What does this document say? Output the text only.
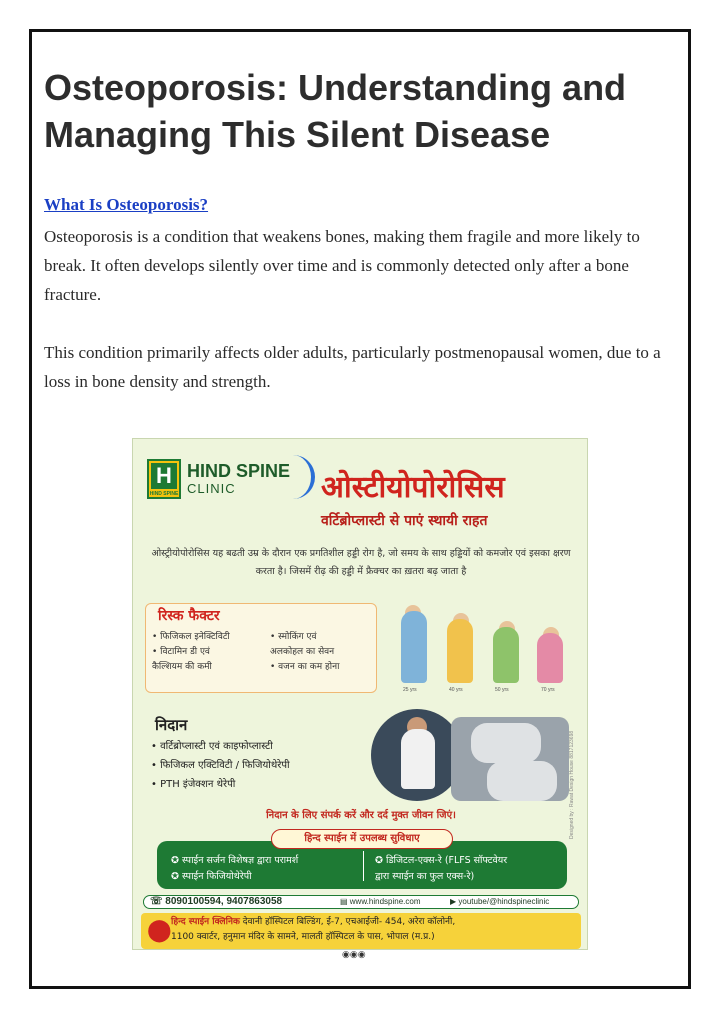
Osteoporosis: Understanding and Managing This Silent Disease
What Is Osteoporosis?

Osteoporosis is a condition that weakens bones, making them fragile and more likely to break. It often develops silently over time and is commonly detected only after a bone fracture.

This condition primarily affects older adults, particularly postmenopausal women, due to a loss in bone density and strength.

H
HIND SPINE
HIND SPINE
CLINIC	ओस्टीयोपोरोसिस
वर्टिब्रोप्लास्टी से पाएं स्थायी राहत
ओस्ट्रीयोपोरोसिस यह बढती उम्र के दौरान एक प्रगतिशील हड्डी रोग है, जो समय के साथ हड्डियों को कमजोर एवं इसका क्षरण करता है। जिसमें रीढ़ की हड्डी में फ्रैक्चर का ख़तरा बढ़ जाता है
रिस्क फैक्टर
• फिजिकल इनेक्टिविटी
• विटामिन डी एवं
कैल्शियम की कमी
• स्मोकिंग एवं
अलकोहल का सेवन
• वजन का कम होना
25 yrs	40 yrs	50 yrs	70 yrs
निदान
• वर्टिब्रोप्लास्टी एवं काइफोप्लास्टी
• फिजिकल एक्टिविटी / फिजियोथेरेपी
• PTH इंजेक्शन थेरेपी	Designed by : Rawat Design House 8817123698
निदान के लिए संपर्क करें और दर्द मुक्त जीवन जिएं।
✪ स्पाईन सर्जन विशेषज्ञ द्वारा परामर्श
✪ स्पाईन फिजियोथेरेपी
✪ डिजिटल-एक्स-रे (FLFS सॉफ्टवेयर
द्वारा स्पाईन का फुल एक्स-रे)
हिन्द स्पाईन में उपलब्ध सुविधाए
☏ 8090100594, 9407863058	▤ www.hindspine.com	▶ youtube/@hindspineclinic
⬤ हिन्द स्पाईन क्लिनिक देवानी हॉस्पिटल बिल्डिंग, ई-7, एचआईजी- 454, अरेरा कॉलोनी,
1100 क्वार्टर, हनुमान मंदिर के सामने, मालती हॉस्पिटल के पास, भोपाल (म.प्र.)
◉◉◉
